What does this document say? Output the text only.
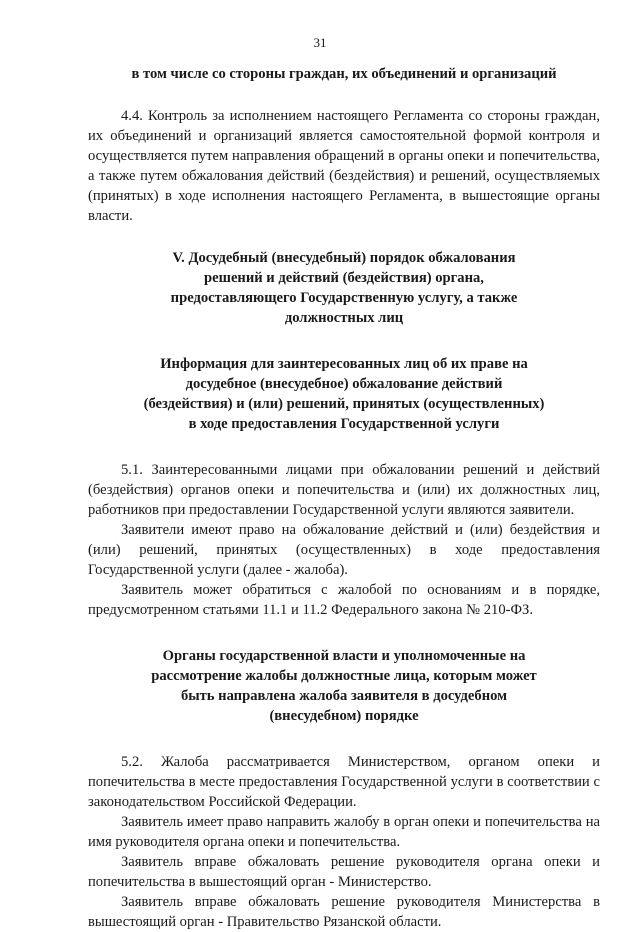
31

в том числе со стороны граждан, их объединений и организаций

4.4. Контроль за исполнением настоящего Регламента со стороны граждан, их объединений и организаций является самостоятельной формой контроля и осуществляется путем направления обращений в органы опеки и попечительства, а также путем обжалования действий (бездействия) и решений, осуществляемых (принятых) в ходе исполнения настоящего Регламента, в вышестоящие органы власти.

V. Досудебный (внесудебный) порядок обжалования

решений и действий (бездействия) органа,

предоставляющего Государственную услугу, а также

должностных лиц

Информация для заинтересованных лиц об их праве на

досудебное (внесудебное) обжалование действий

(бездействия) и (или) решений, принятых (осуществленных)

в ходе предоставления Государственной услуги

5.1. Заинтересованными лицами при обжаловании решений и действий (бездействия) органов опеки и попечительства и (или) их должностных лиц, работников при предоставлении Государственной услуги являются заявители.

Заявители имеют право на обжалование действий и (или) бездействия и (или) решений, принятых (осуществленных) в ходе предоставления Государственной услуги (далее - жалоба).

Заявитель может обратиться с жалобой по основаниям и в порядке, предусмотренном статьями 11.1 и 11.2 Федерального закона № 210-ФЗ.

Органы государственной власти и уполномоченные на

рассмотрение жалобы должностные лица, которым может

быть направлена жалоба заявителя в досудебном

(внесудебном) порядке

5.2. Жалоба рассматривается Министерством, органом опеки и попечительства в месте предоставления Государственной услуги в соответствии с законодательством Российской Федерации.

Заявитель имеет право направить жалобу в орган опеки и попечительства на имя руководителя органа опеки и попечительства.

Заявитель вправе обжаловать решение руководителя органа опеки и попечительства в вышестоящий орган - Министерство.

Заявитель вправе обжаловать решение руководителя Министерства в вышестоящий орган - Правительство Рязанской области.
